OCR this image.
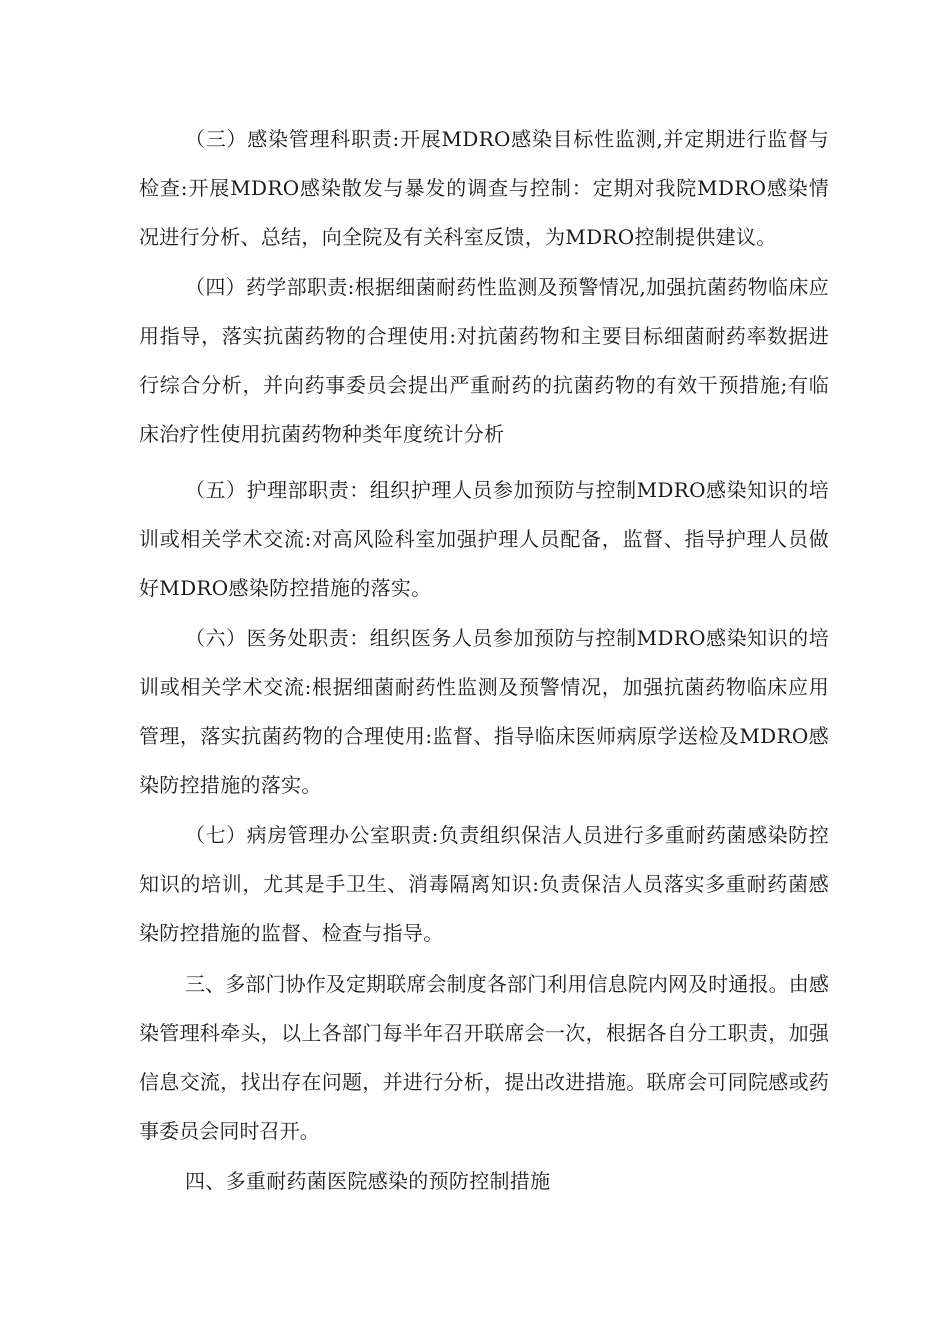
（三）感染管理科职责:开展MDRO感染目标性监测,并定期进行监督与检查:开展MDRO感染散发与暴发的调查与控制：定期对我院MDRO感染情况进行分析、总结，向全院及有关科室反馈，为MDRO控制提供建议。

（四）药学部职责:根据细菌耐药性监测及预警情况,加强抗菌药物临床应用指导，落实抗菌药物的合理使用:对抗菌药物和主要目标细菌耐药率数据进行综合分析，并向药事委员会提出严重耐药的抗菌药物的有效干预措施;有临床治疗性使用抗菌药物种类年度统计分析

（五）护理部职责：组织护理人员参加预防与控制MDRO感染知识的培训或相关学术交流:对高风险科室加强护理人员配备，监督、指导护理人员做好MDRO感染防控措施的落实。

（六）医务处职责：组织医务人员参加预防与控制MDRO感染知识的培训或相关学术交流:根据细菌耐药性监测及预警情况，加强抗菌药物临床应用管理，落实抗菌药物的合理使用:监督、指导临床医师病原学送检及MDRO感染防控措施的落实。

（七）病房管理办公室职责:负责组织保洁人员进行多重耐药菌感染防控知识的培训，尤其是手卫生、消毒隔离知识:负责保洁人员落实多重耐药菌感染防控措施的监督、检查与指导。

三、多部门协作及定期联席会制度各部门利用信息院内网及时通报。由感染管理科牵头，以上各部门每半年召开联席会一次，根据各自分工职责，加强信息交流，找出存在问题，并进行分析，提出改进措施。联席会可同院感或药事委员会同时召开。

四、多重耐药菌医院感染的预防控制措施
